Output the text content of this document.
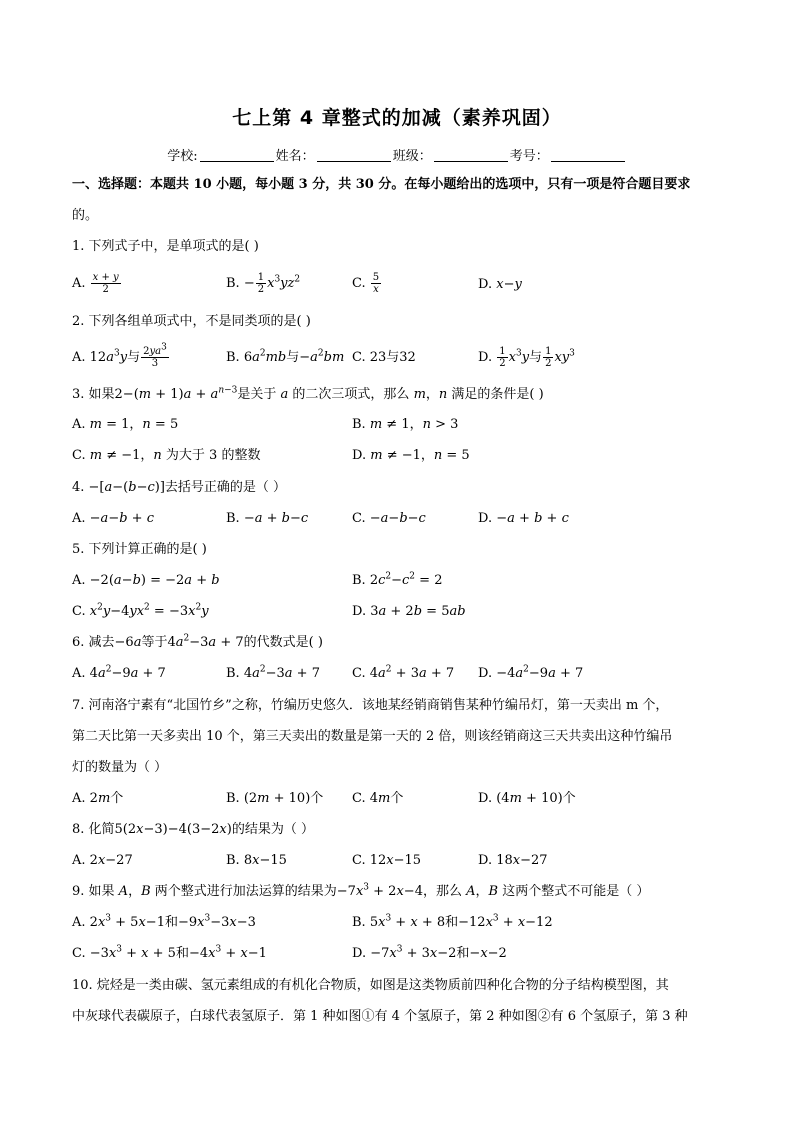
七上第 4 章整式的加减（素养巩固）
学校:	姓名：	班级：	考号：
一、选择题：本题共 10 小题，每小题 3 分，共 30 分。在每小题给出的选项中，只有一项是符合题目要求
的。
1. 下列式子中，是单项式的是( )
A. $\frac{x + y}{2}$	B. − $\frac{1}{2} x^3yz^2$	C. $\frac{5}{x}$	D. x−y
2. 下列各组单项式中，不是同类项的是( )
A. $12a^3y$与 $\frac{2ya^3}{3}$	B. $6a^2mb$与$-a^2bm$ C. 23与32	D. $\frac{1}{2} x^3y$与 $\frac{1}{2} xy^3$
3. 如果$2-(m + 1)a + a^{n-3}$是关于 a 的二次三项式，那么 m，n 满足的条件是( )
A. m = 1，n = 5	B. m ≠ 1，n > 3
C. m ≠ −1，n 为大于 3 的整数	D. m ≠ −1，n = 5
4. −[a−(b−c)]去括号正确的是（ ）
A. −a−b + c	B. −a + b−c	C. −a−b−c	D. −a + b + c
5. 下列计算正确的是( )
A. −2(a−b) = −2a + b	B. $2c^2-c^2 = 2$
C. $x^2y-4yx^2 = -3x^2y$	D. 3a + 2b = 5ab
6. 减去−6a等于$4a^2-3a + 7$的代数式是( )
A. $4a^2-9a + 7$	B. $4a^2-3a + 7$ C. $4a^2 + 3a + 7$ D. $-4a^2-9a + 7$
7. 河南洛宁素有“北国竹乡”之称，竹编历史悠久．该地某经销商销售某种竹编吊灯，第一天卖出 m 个，
第二天比第一天多卖出 10 个，第三天卖出的数量是第一天的 2 倍，则该经销商这三天共卖出这种竹编吊
灯的数量为（ ）
A. 2m个	B. (2m + 10)个 C. 4m个	D. (4m + 10)个
8. 化简5(2x−3)−4(3−2x)的结果为（ ）
A. 2x−27	B. 8x−15	C. 12x−15	D. 18x−27
9. 如果 A，B 两个整式进行加法运算的结果为$-7x^3 + 2x-4$，那么 A，B 这两个整式不可能是（ ）
A. $2x^3 + 5x-1$和$-9x^3-3x-3$	B. $5x^3 + x + 8$和$-12x^3 + x-12$
C. $-3x^3 + x + 5$和$-4x^3 + x-1$	D. $-7x^3 + 3x-2$和−x−2
10. 烷烃是一类由碳、氢元素组成的有机化合物质，如图是这类物质前四种化合物的分子结构模型图，其
中灰球代表碳原子，白球代表氢原子．第 1 种如图①有 4 个氢原子，第 2 种如图②有 6 个氢原子，第 3 种
